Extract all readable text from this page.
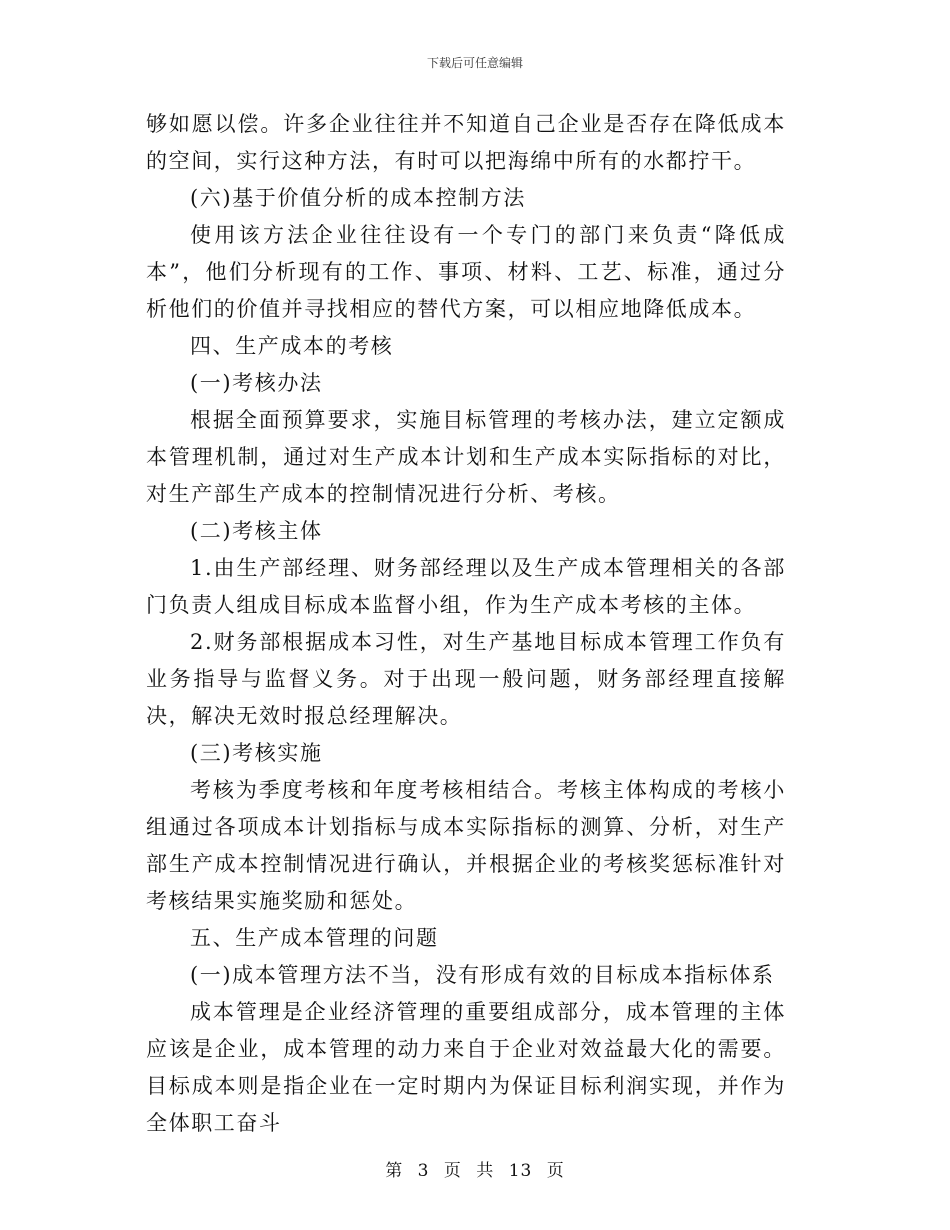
下载后可任意编辑

够如愿以偿。许多企业往往并不知道自己企业是否存在降低成本的空间，实行这种方法，有时可以把海绵中所有的水都拧干。

(六)基于价值分析的成本控制方法

使用该方法企业往往设有一个专门的部门来负责“降低成本”，他们分析现有的工作、事项、材料、工艺、标准，通过分析他们的价值并寻找相应的替代方案，可以相应地降低成本。

四、生产成本的考核

(一)考核办法

根据全面预算要求，实施目标管理的考核办法，建立定额成本管理机制，通过对生产成本计划和生产成本实际指标的对比，对生产部生产成本的控制情况进行分析、考核。

(二)考核主体

1.由生产部经理、财务部经理以及生产成本管理相关的各部门负责人组成目标成本监督小组，作为生产成本考核的主体。

2.财务部根据成本习性，对生产基地目标成本管理工作负有业务指导与监督义务。对于出现一般问题，财务部经理直接解决，解决无效时报总经理解决。

(三)考核实施

考核为季度考核和年度考核相结合。考核主体构成的考核小组通过各项成本计划指标与成本实际指标的测算、分析，对生产部生产成本控制情况进行确认，并根据企业的考核奖惩标准针对考核结果实施奖励和惩处。

五、生产成本管理的问题

(一)成本管理方法不当，没有形成有效的目标成本指标体系

成本管理是企业经济管理的重要组成部分，成本管理的主体应该是企业，成本管理的动力来自于企业对效益最大化的需要。目标成本则是指企业在一定时期内为保证目标利润实现，并作为全体职工奋斗

第 3 页 共 13 页
